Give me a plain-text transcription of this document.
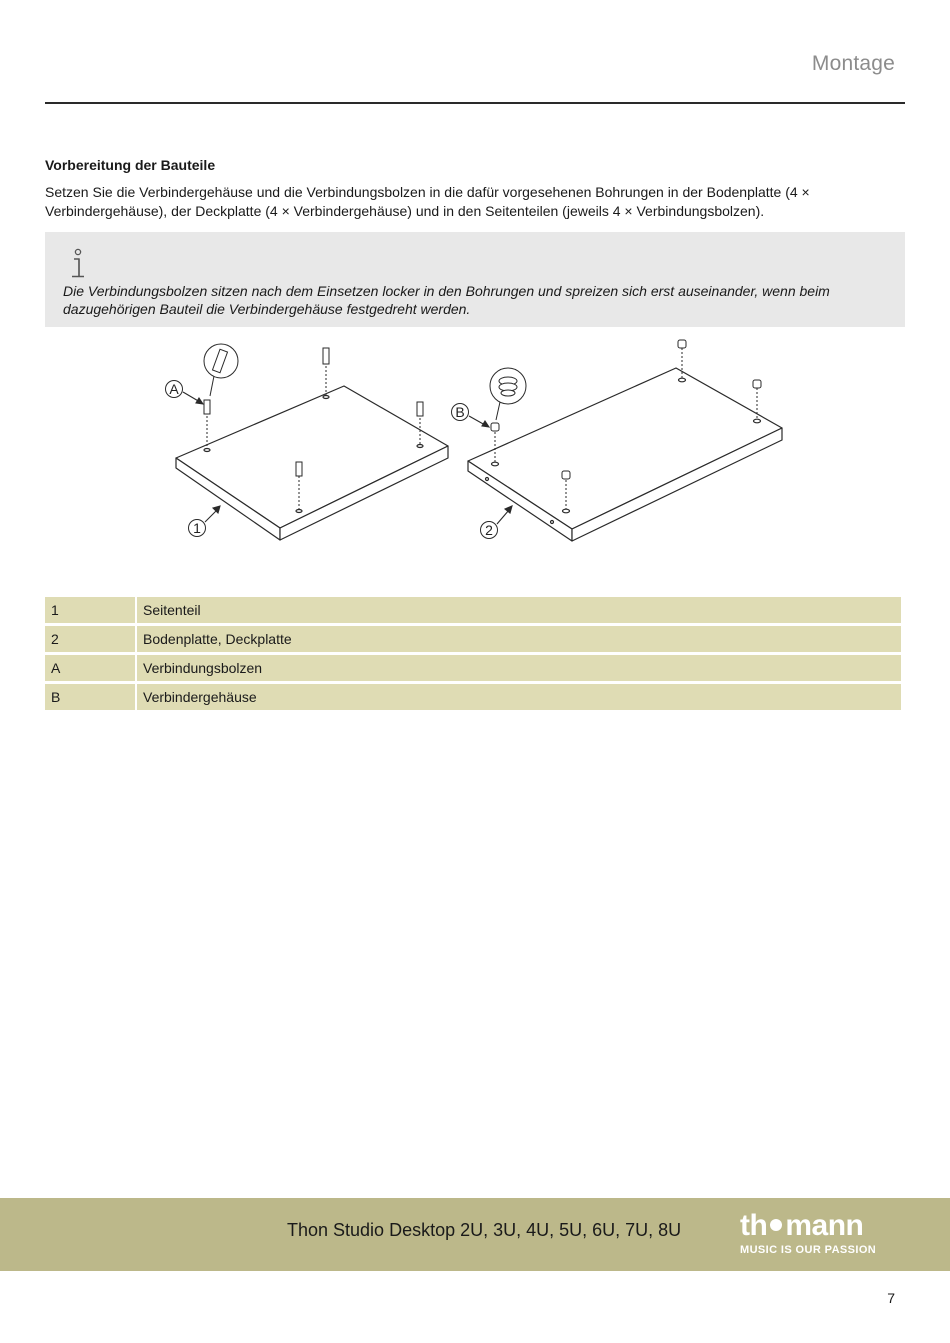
Montage
Vorbereitung der Bauteile

Setzen Sie die Verbindergehäuse und die Verbindungsbolzen in die dafür vorgesehenen Bohrungen in der Bodenplatte (4 × Verbindergehäuse), der Deckplatte (4 × Verbindergehäuse) und in den Seitenteilen (jeweils 4 × Verbindungsbolzen).

Die Verbindungsbolzen sitzen nach dem Einsetzen locker in den Bohrungen und spreizen sich erst auseinander, wenn beim dazugehörigen Bauteil die Verbindergehäuse festgedreht werden.

A
1
B
2
1	Seitenteil
2	Bodenplatte, Deckplatte
A	Verbindungsbolzen
B	Verbindergehäuse
Thon Studio Desktop 2U, 3U, 4U, 5U, 6U, 7U, 8U th mann
MUSIC IS OUR PASSION
7
